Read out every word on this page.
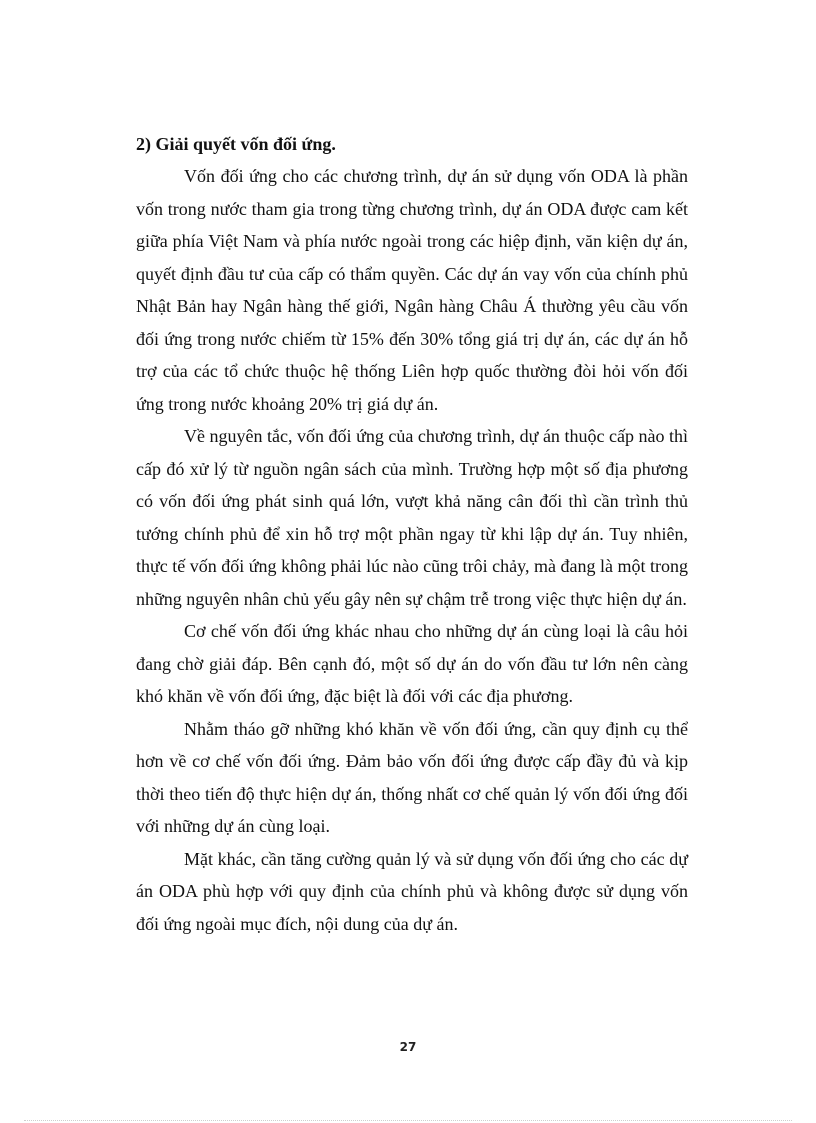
2) Giải quyết vốn đối ứng.

Vốn đối ứng cho các chương trình, dự án sử dụng vốn ODA là phần vốn trong nước tham gia trong từng chương trình, dự án ODA được cam kết giữa phía Việt Nam và phía nước ngoài trong các hiệp định, văn kiện dự án, quyết định đầu tư của cấp có thẩm quyền. Các dự án vay vốn của chính phủ Nhật Bản hay Ngân hàng thế giới, Ngân hàng Châu Á thường yêu cầu vốn đối ứng trong nước chiếm từ 15% đến 30% tổng giá trị dự án, các dự án hỗ trợ của các tổ chức thuộc hệ thống Liên hợp quốc thường đòi hỏi vốn đối ứng trong nước khoảng 20% trị giá dự án.

Về nguyên tắc, vốn đối ứng của chương trình, dự án thuộc cấp nào thì cấp đó xử lý từ nguồn ngân sách của mình. Trường hợp một số địa phương có vốn đối ứng phát sinh quá lớn, vượt khả năng cân đối thì cần trình thủ tướng chính phủ để xin hỗ trợ một phần ngay từ khi lập dự án. Tuy nhiên, thực tế vốn đối ứng không phải lúc nào cũng trôi chảy, mà đang là một trong những nguyên nhân chủ yếu gây nên sự chậm trễ trong việc thực hiện dự án.

Cơ chế vốn đối ứng khác nhau cho những dự án cùng loại là câu hỏi đang chờ giải đáp. Bên cạnh đó, một số dự án do vốn đầu tư lớn nên càng khó khăn về vốn đối ứng, đặc biệt là đối với các địa phương.

Nhằm tháo gỡ những khó khăn về vốn đối ứng, cần quy định cụ thể hơn về cơ chế vốn đối ứng. Đảm bảo vốn đối ứng được cấp đầy đủ và kịp thời theo tiến độ thực hiện dự án, thống nhất cơ chế quản lý vốn đối ứng đối với những dự án cùng loại.

Mặt khác, cần tăng cường quản lý và sử dụng vốn đối ứng cho các dự án ODA phù hợp với quy định của chính phủ và không được sử dụng vốn đối ứng ngoài mục đích, nội dung của dự án.

27
